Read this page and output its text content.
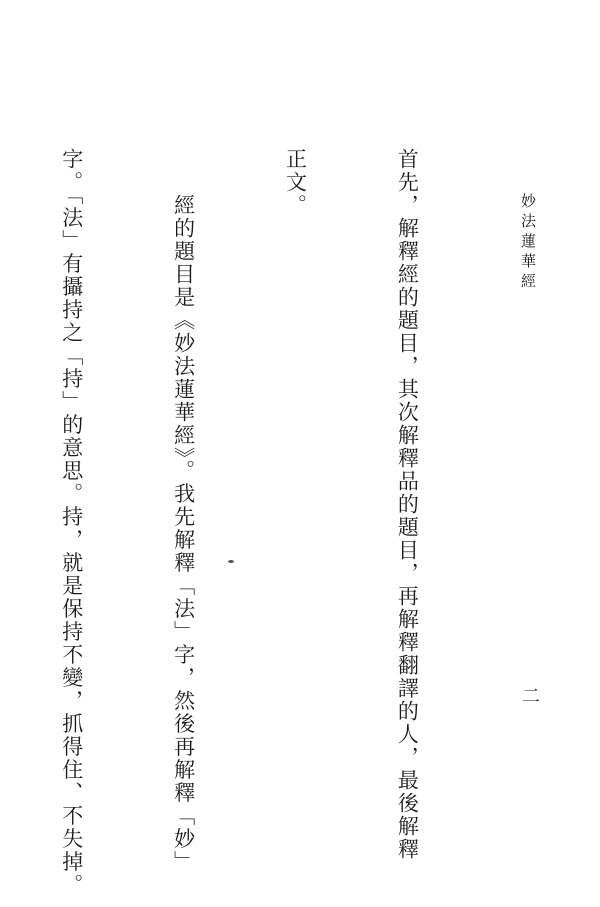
妙法蓮華經
二

首先，解釋經的題目，其次解釋品的題目，再解釋翻譯的人，最後解釋

正文。

　　經的題目是《妙法蓮華經》。我先解釋「法」字，然後再解釋「妙」

字。「法」有攝持之「持」的意思。持，就是保持不變，抓得住、不失掉。
